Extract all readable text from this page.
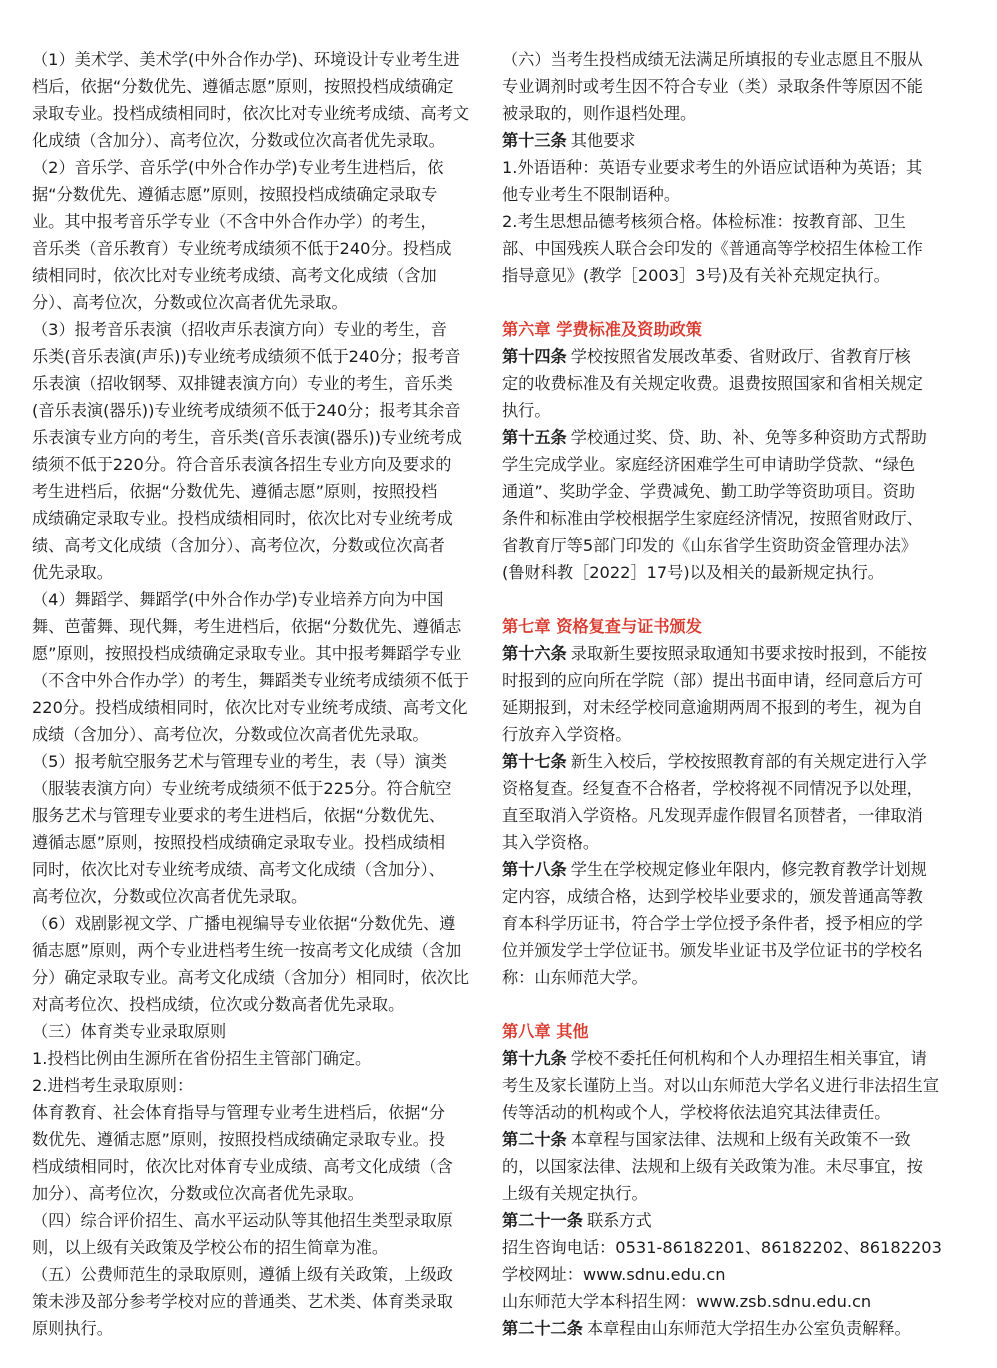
（1）美术学、美术学(中外合作办学)、环境设计专业考生进
档后，依据“分数优先、遵循志愿”原则，按照投档成绩确定
录取专业。投档成绩相同时，依次比对专业统考成绩、高考文
化成绩（含加分）、高考位次，分数或位次高者优先录取。
（2）音乐学、音乐学(中外合作办学)专业考生进档后，依
据“分数优先、遵循志愿”原则，按照投档成绩确定录取专
业。其中报考音乐学专业（不含中外合作办学）的考生，
音乐类（音乐教育）专业统考成绩须不低于240分。投档成
绩相同时，依次比对专业统考成绩、高考文化成绩（含加
分）、高考位次，分数或位次高者优先录取。
（3）报考音乐表演（招收声乐表演方向）专业的考生，音
乐类(音乐表演(声乐))专业统考成绩须不低于240分；报考音
乐表演（招收钢琴、双排键表演方向）专业的考生，音乐类
(音乐表演(器乐))专业统考成绩须不低于240分；报考其余音
乐表演专业方向的考生，音乐类(音乐表演(器乐))专业统考成
绩须不低于220分。符合音乐表演各招生专业方向及要求的
考生进档后，依据“分数优先、遵循志愿”原则，按照投档
成绩确定录取专业。投档成绩相同时，依次比对专业统考成
绩、高考文化成绩（含加分）、高考位次，分数或位次高者
优先录取。
（4）舞蹈学、舞蹈学(中外合作办学)专业培养方向为中国
舞、芭蕾舞、现代舞，考生进档后，依据“分数优先、遵循志
愿”原则，按照投档成绩确定录取专业。其中报考舞蹈学专业
（不含中外合作办学）的考生，舞蹈类专业统考成绩须不低于
220分。投档成绩相同时，依次比对专业统考成绩、高考文化
成绩（含加分）、高考位次，分数或位次高者优先录取。
（5）报考航空服务艺术与管理专业的考生，表（导）演类
（服装表演方向）专业统考成绩须不低于225分。符合航空
服务艺术与管理专业要求的考生进档后，依据“分数优先、
遵循志愿”原则，按照投档成绩确定录取专业。投档成绩相
同时，依次比对专业统考成绩、高考文化成绩（含加分）、
高考位次，分数或位次高者优先录取。
（6）戏剧影视文学、广播电视编导专业依据“分数优先、遵
循志愿”原则，两个专业进档考生统一按高考文化成绩（含加
分）确定录取专业。高考文化成绩（含加分）相同时，依次比
对高考位次、投档成绩，位次或分数高者优先录取。
（三）体育类专业录取原则
1.投档比例由生源所在省份招生主管部门确定。
2.进档考生录取原则：
体育教育、社会体育指导与管理专业考生进档后，依据“分
数优先、遵循志愿”原则，按照投档成绩确定录取专业。投
档成绩相同时，依次比对体育专业成绩、高考文化成绩（含
加分）、高考位次，分数或位次高者优先录取。
（四）综合评价招生、高水平运动队等其他招生类型录取原
则，以上级有关政策及学校公布的招生简章为准。
（五）公费师范生的录取原则，遵循上级有关政策，上级政
策未涉及部分参考学校对应的普通类、艺术类、体育类录取
原则执行。
（六）当考生投档成绩无法满足所填报的专业志愿且不服从
专业调剂时或考生因不符合专业（类）录取条件等原因不能
被录取的，则作退档处理。
第十三条 其他要求
1.外语语种：英语专业要求考生的外语应试语种为英语；其
他专业考生不限制语种。
2.考生思想品德考核须合格。体检标准：按教育部、卫生
部、中国残疾人联合会印发的《普通高等学校招生体检工作
指导意见》(教学［2003］3号)及有关补充规定执行。
第六章 学费标准及资助政策
第十四条 学校按照省发展改革委、省财政厅、省教育厅核
定的收费标准及有关规定收费。退费按照国家和省相关规定
执行。
第十五条 学校通过奖、贷、助、补、免等多种资助方式帮助
学生完成学业。家庭经济困难学生可申请助学贷款、“绿色
通道”、奖助学金、学费减免、勤工助学等资助项目。资助
条件和标准由学校根据学生家庭经济情况，按照省财政厅、
省教育厅等5部门印发的《山东省学生资助资金管理办法》
(鲁财科教［2022］17号)以及相关的最新规定执行。
第七章 资格复查与证书颁发
第十六条 录取新生要按照录取通知书要求按时报到，不能按
时报到的应向所在学院（部）提出书面申请，经同意后方可
延期报到，对未经学校同意逾期两周不报到的考生，视为自
行放弃入学资格。
第十七条 新生入校后，学校按照教育部的有关规定进行入学
资格复查。经复查不合格者，学校将视不同情况予以处理，
直至取消入学资格。凡发现弄虚作假冒名顶替者，一律取消
其入学资格。
第十八条 学生在学校规定修业年限内，修完教育教学计划规
定内容，成绩合格，达到学校毕业要求的，颁发普通高等教
育本科学历证书，符合学士学位授予条件者，授予相应的学
位并颁发学士学位证书。颁发毕业证书及学位证书的学校名
称：山东师范大学。
第八章 其他
第十九条 学校不委托任何机构和个人办理招生相关事宜，请
考生及家长谨防上当。对以山东师范大学名义进行非法招生宣
传等活动的机构或个人，学校将依法追究其法律责任。
第二十条 本章程与国家法律、法规和上级有关政策不一致
的，以国家法律、法规和上级有关政策为准。未尽事宜，按
上级有关规定执行。
第二十一条 联系方式
招生咨询电话：0531-86182201、86182202、86182203
学校网址：www.sdnu.edu.cn
山东师范大学本科招生网：www.zsb.sdnu.edu.cn
第二十二条 本章程由山东师范大学招生办公室负责解释。
